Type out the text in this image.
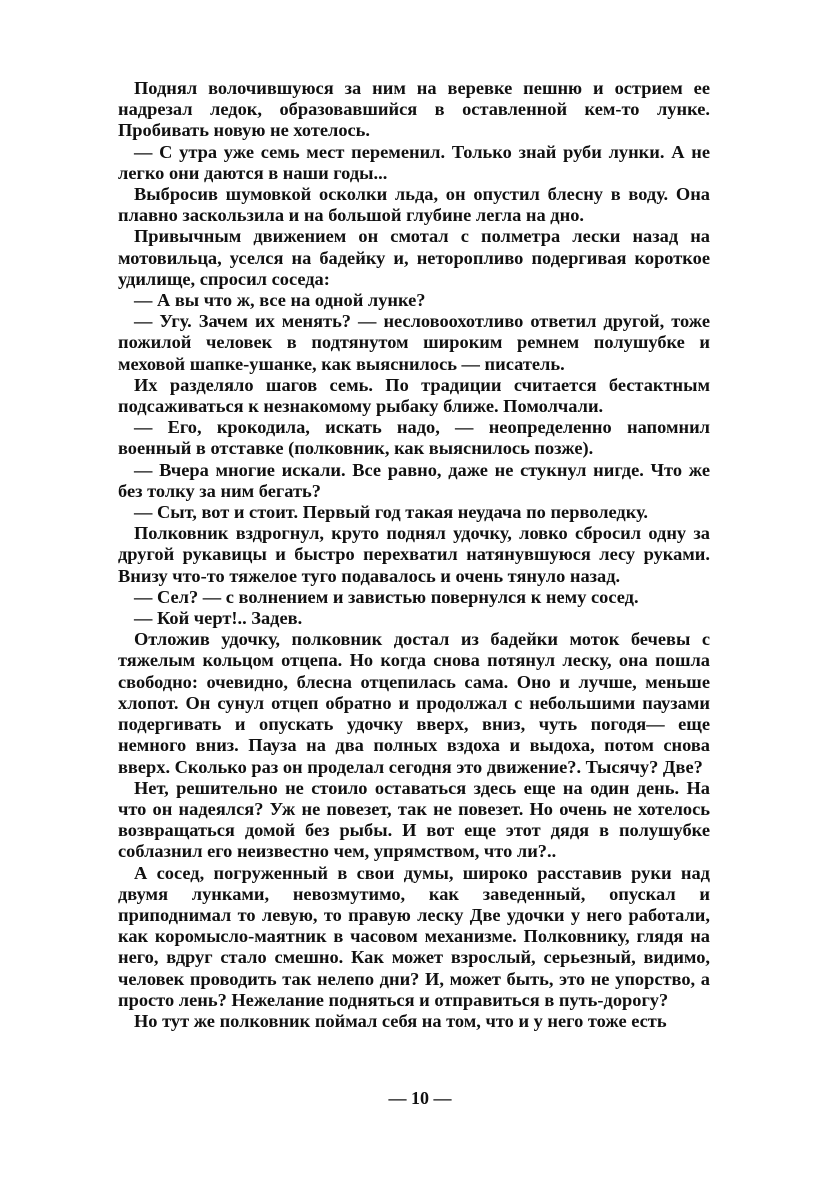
Поднял волочившуюся за ним на веревке пешню и острием ее надрезал ледок, образовавшийся в оставленной кем-то лунке. Пробивать новую не хотелось.

— С утра уже семь мест переменил. Только знай руби лунки. А не легко они даются в наши годы...

Выбросив шумовкой осколки льда, он опустил блесну в воду. Она плавно заскользила и на большой глубине легла на дно.

Привычным движением он смотал с полметра лески назад на мотовильца, уселся на бадейку и, неторопливо подергивая короткое удилище, спросил соседа:

— А вы что ж, все на одной лунке?

— Угу. Зачем их менять? — несловоохотливо ответил другой, тоже пожилой человек в подтянутом широким ремнем полушубке и меховой шапке-ушанке, как выяснилось — писатель.

Их разделяло шагов семь. По традиции считается бестактным подсаживаться к незнакомому рыбаку ближе. Помолчали.

— Его, крокодила, искать надо, — неопределенно напомнил военный в отставке (полковник, как выяснилось позже).

— Вчера многие искали. Все равно, даже не стукнул нигде. Что же без толку за ним бегать?

— Сыт, вот и стоит. Первый год такая неудача по перволедку.

Полковник вздрогнул, круто поднял удочку, ловко сбросил одну за другой рукавицы и быстро перехватил натянувшуюся лесу руками. Внизу что-то тяжелое туго подавалось и очень тянуло назад.

— Сел? — с волнением и завистью повернулся к нему сосед.

— Кой черт!.. Задев.

Отложив удочку, полковник достал из бадейки моток бечевы с тяжелым кольцом отцепа. Но когда снова потянул леску, она пошла свободно: очевидно, блесна отцепилась сама. Оно и лучше, меньше хлопот. Он сунул отцеп обратно и продолжал с небольшими паузами подергивать и опускать удочку вверх, вниз, чуть погодя— еще немного вниз. Пауза на два полных вздоха и выдоха, потом снова вверх. Сколько раз он проделал сегодня это движение?. Тысячу? Две?

Нет, решительно не стоило оставаться здесь еще на один день. На что он надеялся? Уж не повезет, так не повезет. Но очень не хотелось возвращаться домой без рыбы. И вот еще этот дядя в полушубке соблазнил его неизвестно чем, упрямством, что ли?..

А сосед, погруженный в свои думы, широко расставив руки над двумя лунками, невозмутимо, как заведенный, опускал и приподнимал то левую, то правую леску Две удочки у него работали, как коромысло-маятник в часовом механизме. Полковнику, глядя на него, вдруг стало смешно. Как может взрослый, серьезный, видимо, человек проводить так нелепо дни? И, может быть, это не упорство, а просто лень? Нежелание подняться и отправиться в путь-дорогу?

Но тут же полковник поймал себя на том, что и у него тоже есть

— 10 —
